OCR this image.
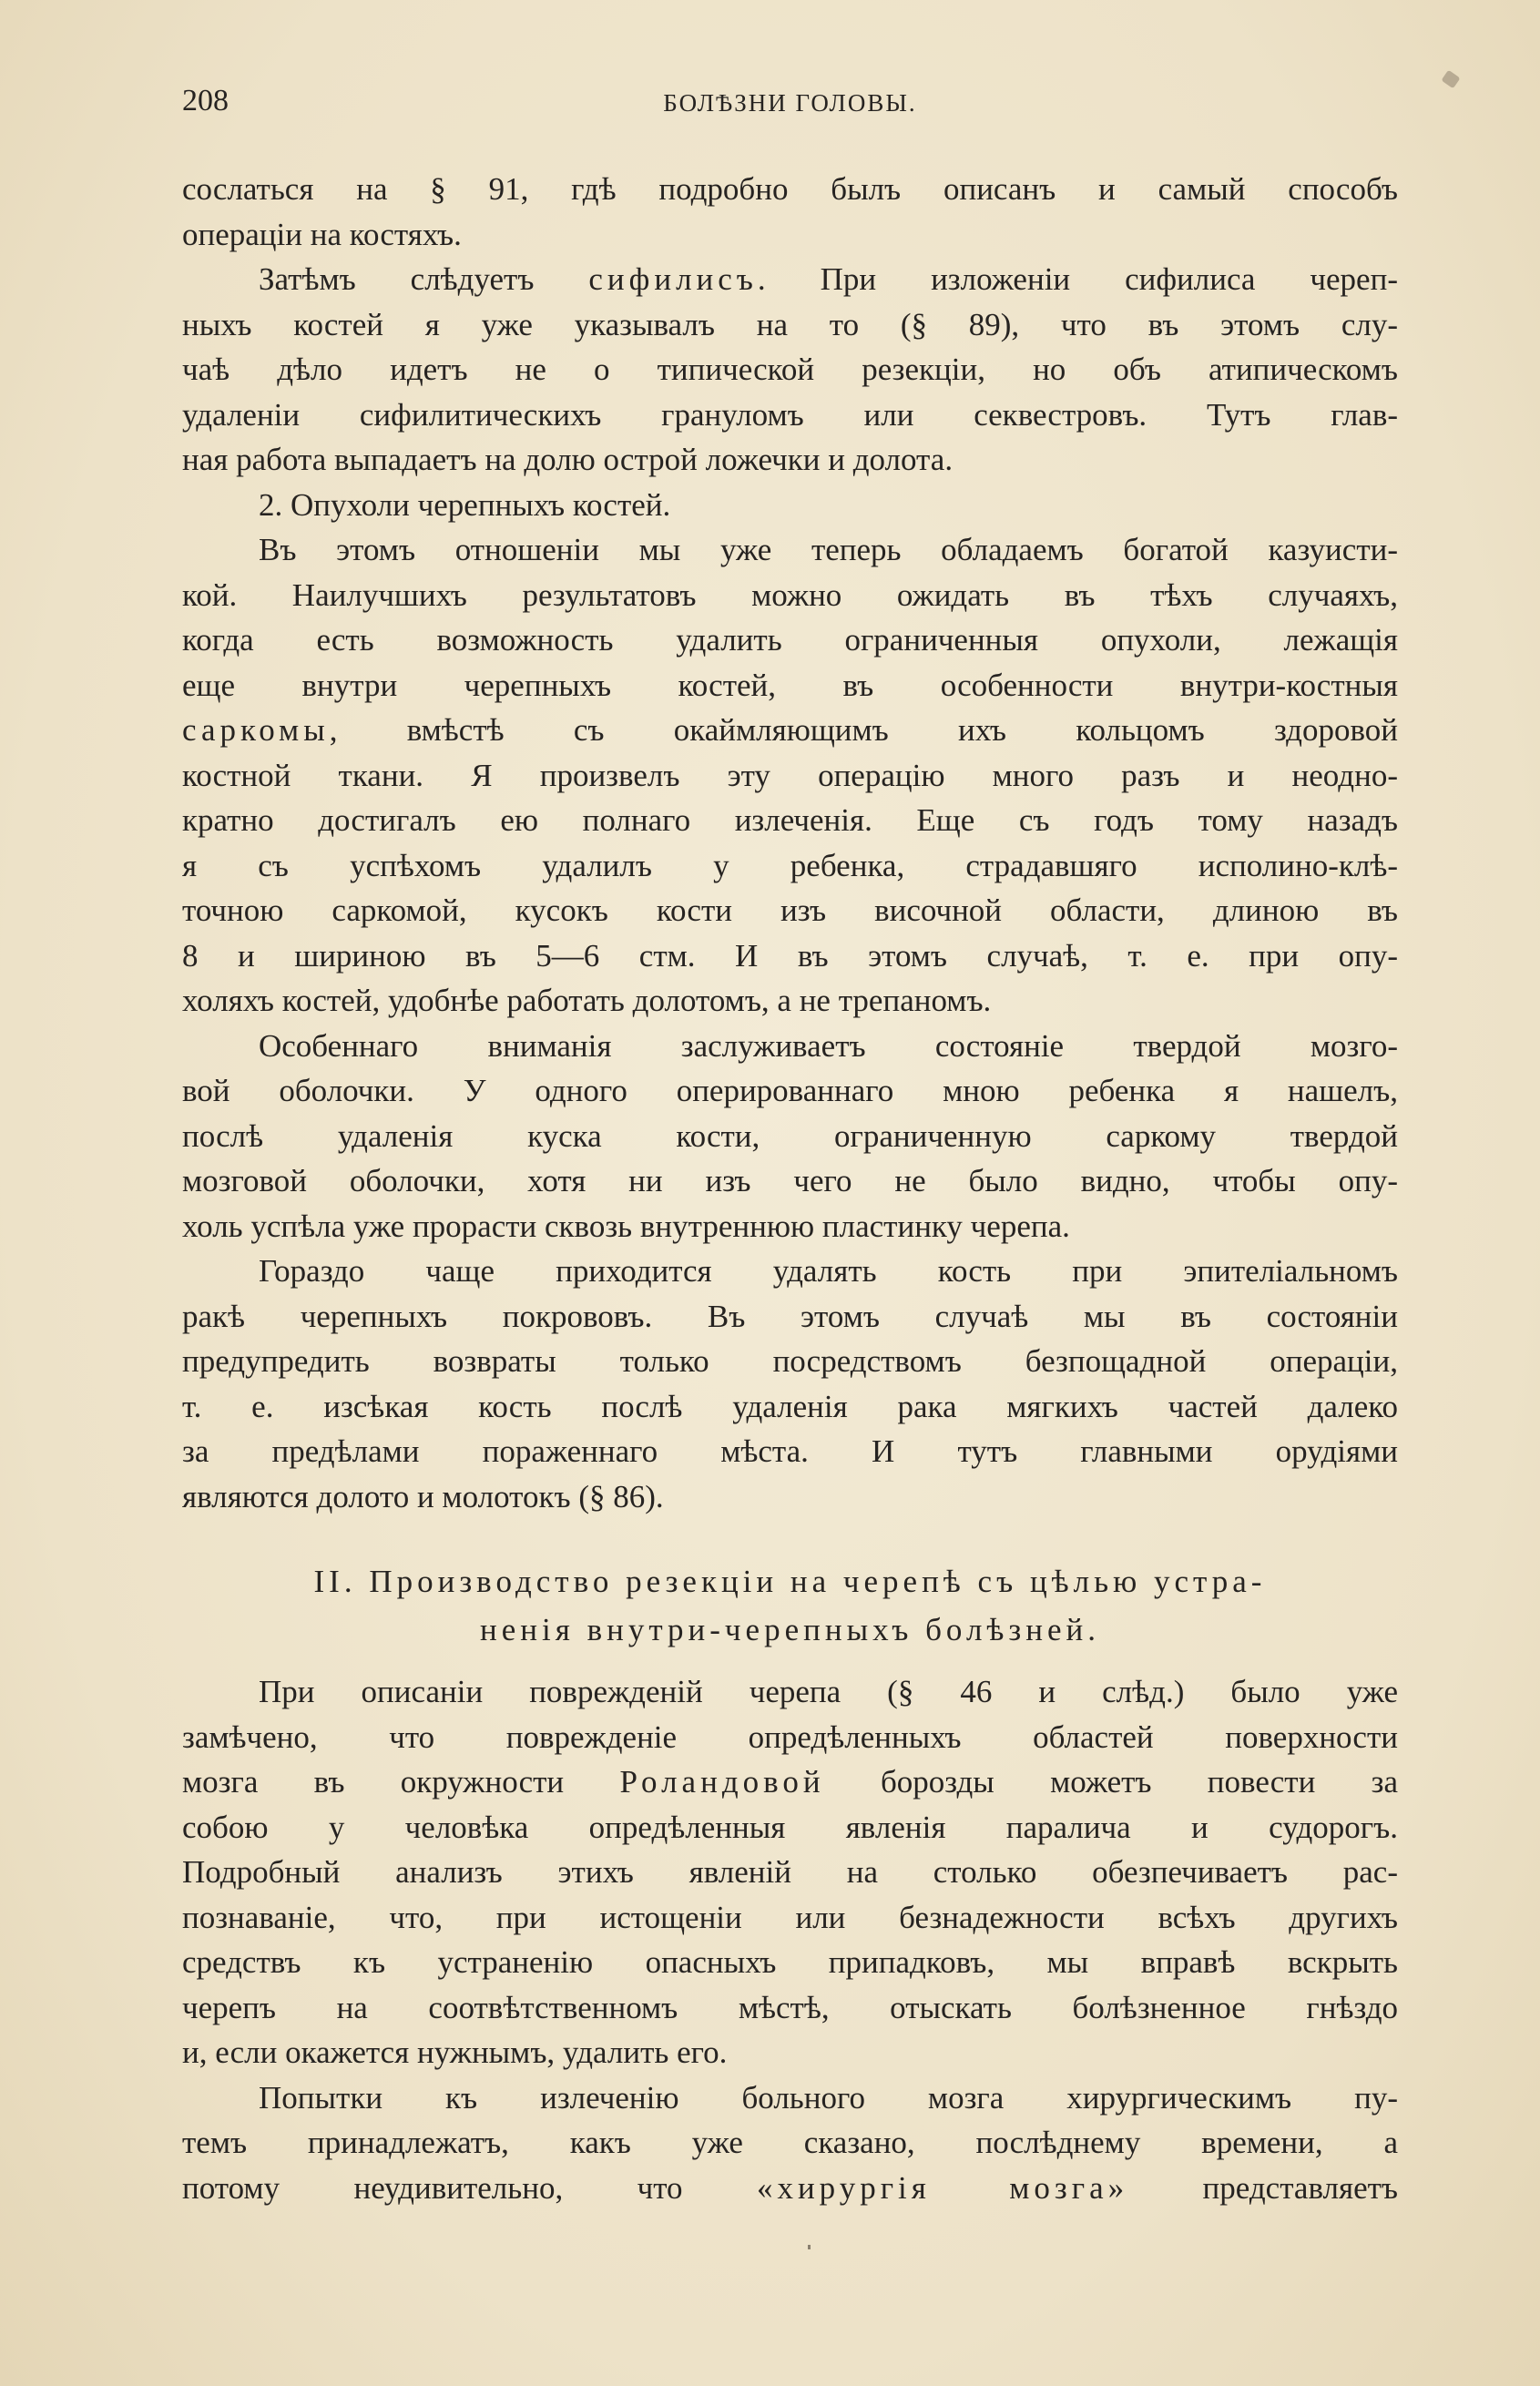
208	БОЛѢЗНИ ГОЛОВЫ.

сослаться на § 91, гдѣ подробно былъ описанъ и самый способъ

операціи на костяхъ.

Затѣмъ слѣдуетъ сифилисъ. При изложеніи сифилиса череп-

ныхъ костей я уже указывалъ на то (§ 89), что въ этомъ слу-

чаѣ дѣло идетъ не о типической резекціи, но объ атипическомъ

удаленіи сифилитическихъ грануломъ или секвестровъ. Тутъ глав-

ная работа выпадаетъ на долю острой ложечки и долота.

2. Опухоли черепныхъ костей.

Въ этомъ отношеніи мы уже теперь обладаемъ богатой казуисти-

кой. Наилучшихъ результатовъ можно ожидать въ тѣхъ случаяхъ,

когда есть возможность удалить ограниченныя опухоли, лежащія

еще внутри черепныхъ костей, въ особенности внутри-костныя

саркомы, вмѣстѣ съ окаймляющимъ ихъ кольцомъ здоровой

костной ткани. Я произвелъ эту операцію много разъ и неодно-

кратно достигалъ ею полнаго излеченія. Еще съ годъ тому назадъ

я съ успѣхомъ удалилъ у ребенка, страдавшяго исполино-клѣ-

точною саркомой, кусокъ кости изъ височной области, длиною въ

8 и шириною въ 5—6 стм. И въ этомъ случаѣ, т. е. при опу-

холяхъ костей, удобнѣе работать долотомъ, а не трепаномъ.

Особеннаго вниманія заслуживаетъ состояніе твердой мозго-

вой оболочки. У одного оперированнаго мною ребенка я нашелъ,

послѣ удаленія куска кости, ограниченную саркому твердой

мозговой оболочки, хотя ни изъ чего не было видно, чтобы опу-

холь успѣла уже прорасти сквозь внутреннюю пластинку черепа.

Гораздо чаще приходится удалять кость при эпителіальномъ

ракѣ черепныхъ покрововъ. Въ этомъ случаѣ мы въ состояніи

предупредить возвраты только посредствомъ безпощадной операціи,

т. е. изсѣкая кость послѣ удаленія рака мягкихъ частей далеко

за предѣлами пораженнаго мѣста. И тутъ главными орудіями

являются долото и молотокъ (§ 86).

II. Производство резекціи на черепѣ съ цѣлью устра-
ненія внутри-черепныхъ болѣзней.

При описаніи поврежденій черепа (§ 46 и слѣд.) было уже

замѣчено, что поврежденіе опредѣленныхъ областей поверхности

мозга въ окружности Роландовой борозды можетъ повести за

собою у человѣка опредѣленныя явленія паралича и судорогъ.

Подробный анализъ этихъ явленій на столько обезпечиваетъ рас-

познаваніе, что, при истощеніи или безнадежности всѣхъ другихъ

средствъ къ устраненію опасныхъ припадковъ, мы вправѣ вскрыть

черепъ на соотвѣтственномъ мѣстѣ, отыскать болѣзненное гнѣздо

и, если окажется нужнымъ, удалить его.

Попытки къ излеченію больного мозга хирургическимъ пу-

темъ принадлежатъ, какъ уже сказано, послѣднему времени, а

потому неудивительно, что «хирургія мозга» представляетъ
